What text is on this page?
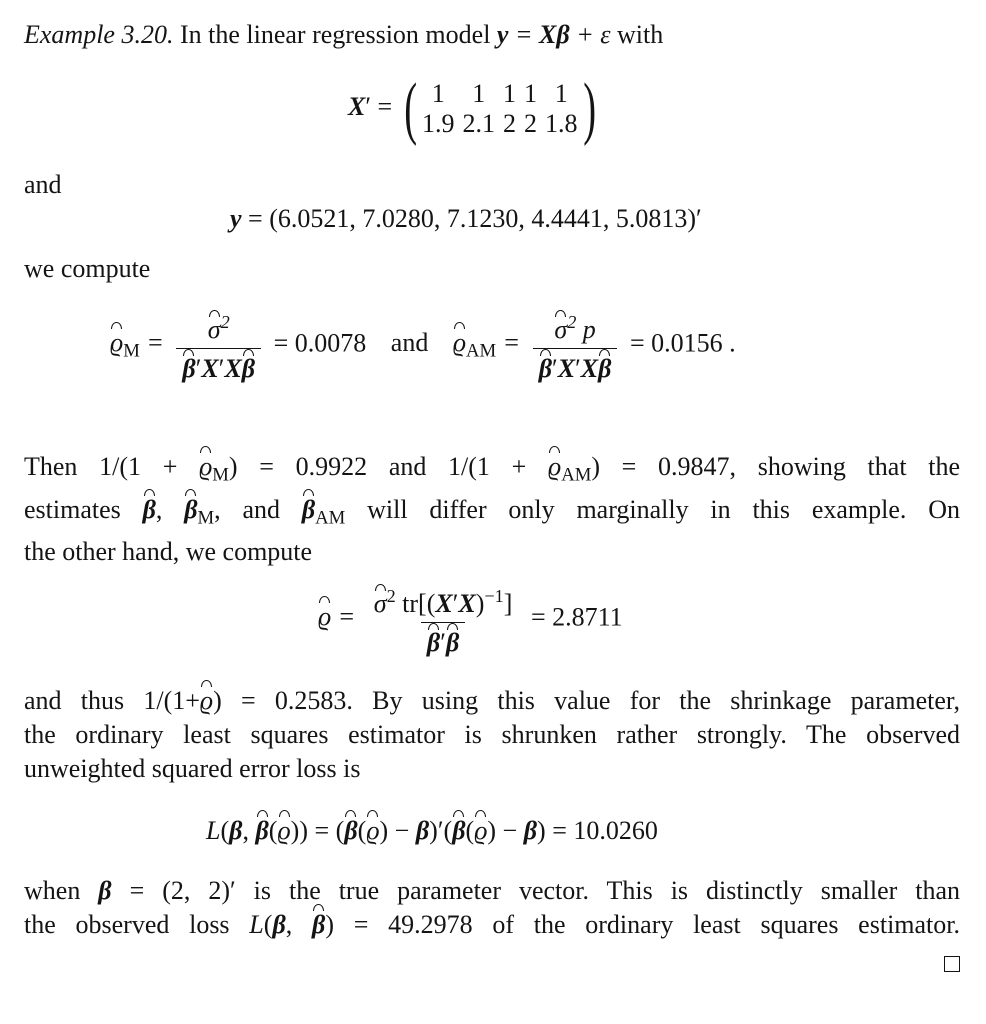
Example 3.20. In the linear regression model y = Xβ + ε with
X′ = ( 1	1 1 1 1
1.9 2.1 2 2 1.8 )
and
y = (6.0521, 7.0280, 7.1230, 4.4441, 5.0813)′
we compute
$ϱ_M = \frac{\sigma^2}{\beta'X'X\beta} = 0.0078$ and $ϱ_{AM} = \frac{\sigma^2 p}{\beta'X'X\beta} = 0.0156$ .
Then $1/(1 + ϱ_M) = 0.9922$ and $1/(1 + ϱ_{AM}) = 0.9847$, showing that the
estimates β, $\beta_M$, and $\beta_{AM}$ will differ only marginally in this example. On
the other hand, we compute
$ϱ = \frac{\sigma^2 tr[(X'X)^{-1}]}{\beta'\beta} = 2.8711$
and thus 1/(1+ϱ) = 0.2583. By using this value for the shrinkage parameter,
the ordinary least squares estimator is shrunken rather strongly. The observed
unweighted squared error loss is
L(β, β(ϱ)) = (β(ϱ) − β)′(β(ϱ) − β) = 10.0260
when β = (2, 2)′ is the true parameter vector. This is distinctly smaller than
the observed loss L(β, β) = 49.2978 of the ordinary least squares estimator.
